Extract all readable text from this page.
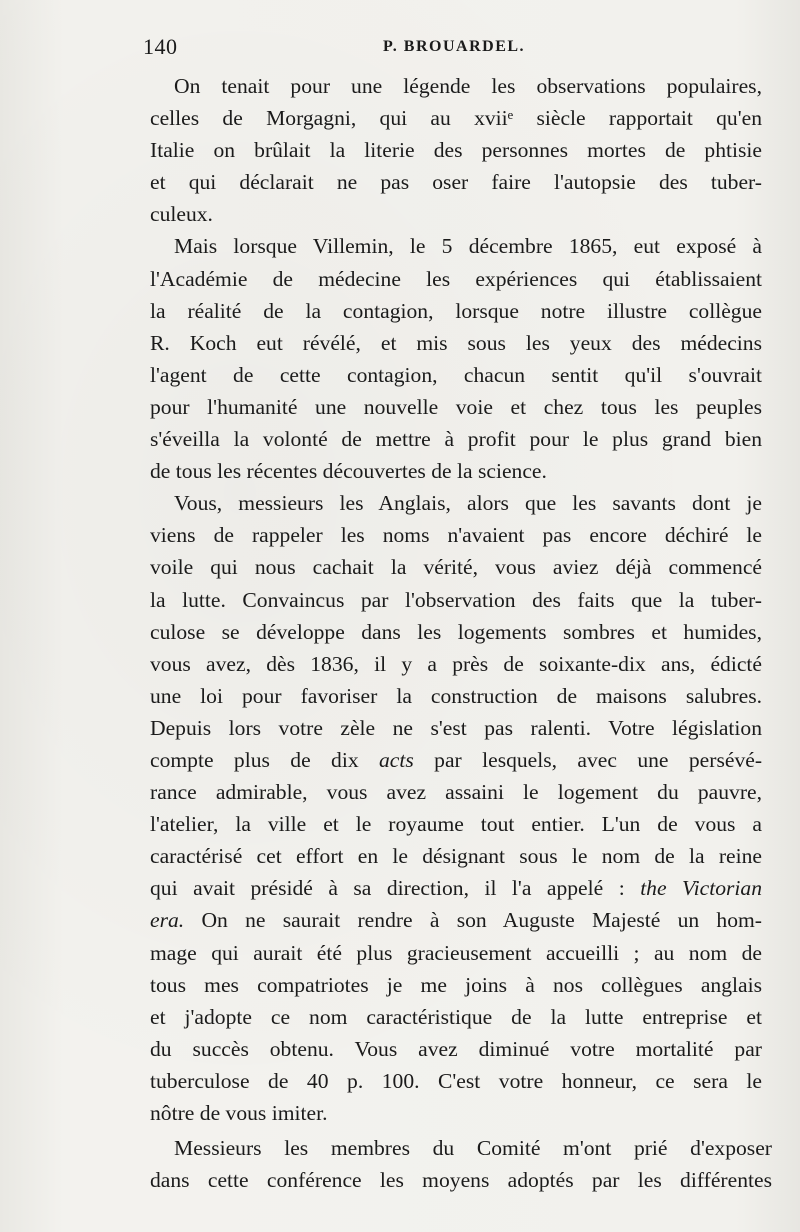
140	P. BROUARDEL.

On tenait pour une légende les observations populaires,
celles de Morgagni, qui au xviiᵉ siècle rapportait qu'en
Italie on brûlait la literie des personnes mortes de phtisie
et qui déclarait ne pas oser faire l'autopsie des tuber-
culeux.

Mais lorsque Villemin, le 5 décembre 1865, eut exposé à
l'Académie de médecine les expériences qui établissaient
la réalité de la contagion, lorsque notre illustre collègue
R. Koch eut révélé, et mis sous les yeux des médecins
l'agent de cette contagion, chacun sentit qu'il s'ouvrait
pour l'humanité une nouvelle voie et chez tous les peuples
s'éveilla la volonté de mettre à profit pour le plus grand bien
de tous les récentes découvertes de la science.

Vous, messieurs les Anglais, alors que les savants dont je
viens de rappeler les noms n'avaient pas encore déchiré le
voile qui nous cachait la vérité, vous aviez déjà commencé
la lutte. Convaincus par l'observation des faits que la tuber-
culose se développe dans les logements sombres et humides,
vous avez, dès 1836, il y a près de soixante-dix ans, édicté
une loi pour favoriser la construction de maisons salubres.
Depuis lors votre zèle ne s'est pas ralenti. Votre législation
compte plus de dix acts par lesquels, avec une persévé-
rance admirable, vous avez assaini le logement du pauvre,
l'atelier, la ville et le royaume tout entier. L'un de vous a
caractérisé cet effort en le désignant sous le nom de la reine
qui avait présidé à sa direction, il l'a appelé : the Victorian
era. On ne saurait rendre à son Auguste Majesté un hom-
mage qui aurait été plus gracieusement accueilli ; au nom de
tous mes compatriotes je me joins à nos collègues anglais
et j'adopte ce nom caractéristique de la lutte entreprise et
du succès obtenu. Vous avez diminué votre mortalité par
tuberculose de 40 p. 100. C'est votre honneur, ce sera le
nôtre de vous imiter.

Messieurs les membres du Comité m'ont prié d'exposer
dans cette conférence les moyens adoptés par les différentes
